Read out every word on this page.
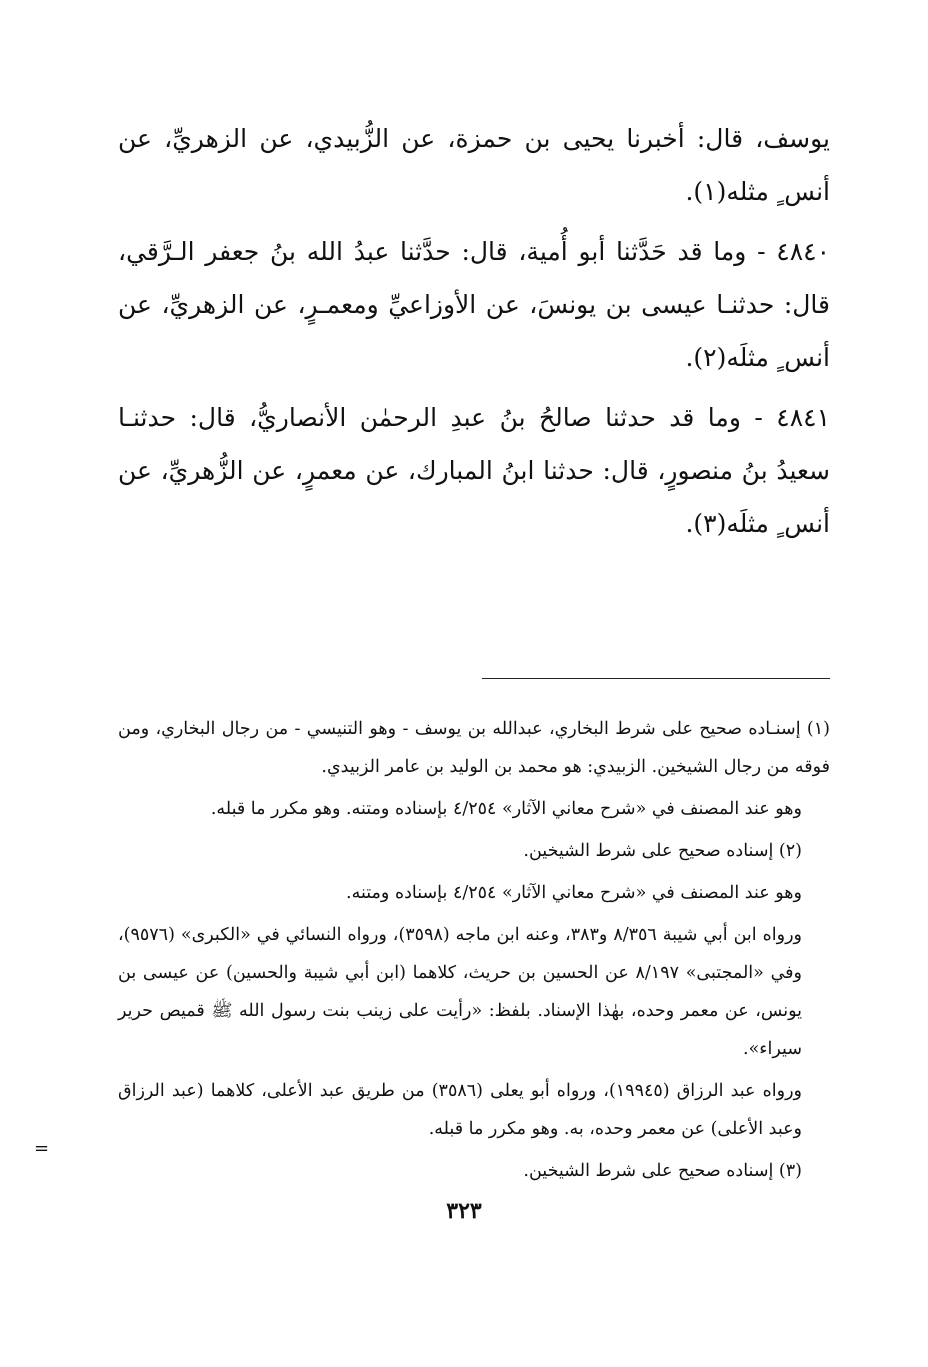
يوسف، قال: أخبرنا يحيى بن حمزة، عن الزُّبيدي، عن الزهريِّ، عن أنس ٍ مثله(١).

٤٨٤٠ - وما قد حَدَّثنا أبو أُمية، قال: حدَّثنا عبدُ الله بنُ جعفر الـرَّقي، قال: حدثنـا عيسى بن يونسَ، عن الأوزاعيِّ ومعمـرٍ، عن الزهريِّ، عن أنس ٍ مثلَه(٢).

٤٨٤١ - وما قد حدثنا صالحُ بنُ عبدِ الرحمٰن الأنصاريُّ، قال: حدثنـا سعيدُ بنُ منصورٍ، قال: حدثنا ابنُ المبارك، عن معمرٍ، عن الزُّهريِّ، عن أنس ٍ مثلَه(٣).

(١) إسنـاده صحيح على شرط البخاري، عبدالله بن يوسف - وهو التنيسي - من رجال البخاري، ومن فوقه من رجال الشيخين. الزبيدي: هو محمد بن الوليد بن عامر الزبيدي.

وهو عند المصنف في «شرح معاني الآثار» ٤/٢٥٤ بإسناده ومتنه. وهو مكرر ما قبله.

(٢) إسناده صحيح على شرط الشيخين.

وهو عند المصنف في «شرح معاني الآثار» ٤/٢٥٤ بإسناده ومتنه.

ورواه ابن أبي شيبة ٨/٣٥٦ و٣٨٣، وعنه ابن ماجه (٣٥٩٨)، ورواه النسائي في «الكبرى» (٩٥٧٦)، وفي «المجتبى» ٨/١٩٧ عن الحسين بن حريث، كلاهما (ابن أبي شيبة والحسين) عن عيسى بن يونس، عن معمر وحده، بهٰذا الإسناد. بلفظ: «رأيت على زينب بنت رسول الله ﷺ قميص حرير سيراء».

ورواه عبد الرزاق (١٩٩٤٥)، ورواه أبو يعلى (٣٥٨٦) من طريق عبد الأعلى، كلاهما (عبد الرزاق وعبد الأعلى) عن معمر وحده، به. وهو مكرر ما قبله.

(٣) إسناده صحيح على شرط الشيخين.

=
٣٢٣
